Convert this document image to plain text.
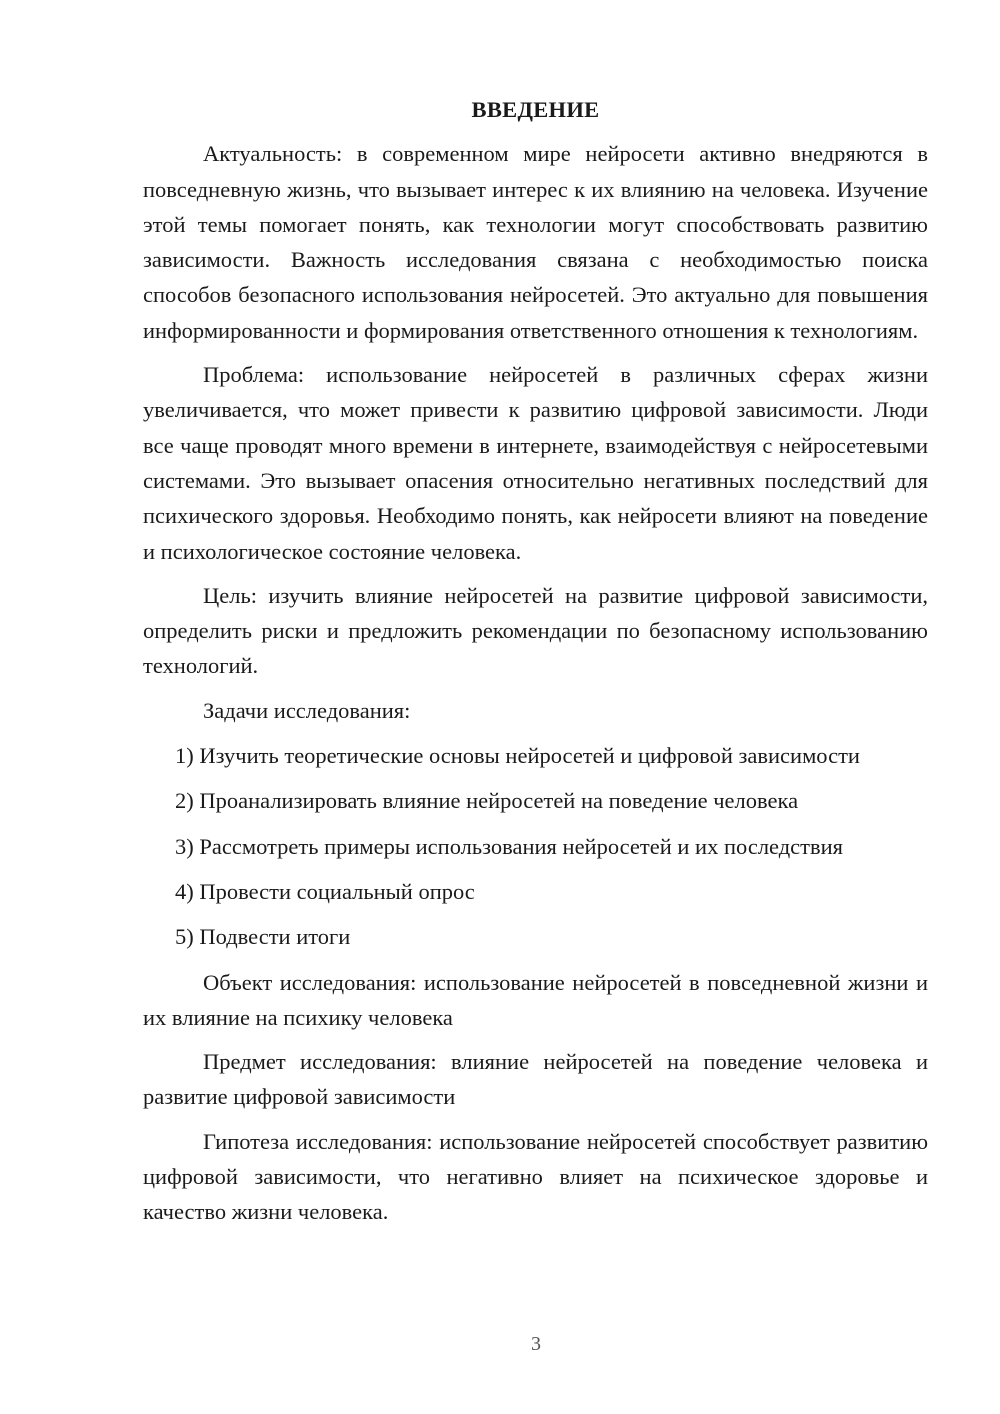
ВВЕДЕНИЕ

Актуальность: в современном мире нейросети активно внедряются в повседневную жизнь, что вызывает интерес к их влиянию на человека. Изучение этой темы помогает понять, как технологии могут способствовать развитию зависимости. Важность исследования связана с необходимостью поиска способов безопасного использования нейросетей. Это актуально для повышения информированности и формирования ответственного отношения к технологиям.

Проблема: использование нейросетей в различных сферах жизни увеличивается, что может привести к развитию цифровой зависимости. Люди все чаще проводят много времени в интернете, взаимодействуя с нейросетевыми системами. Это вызывает опасения относительно негативных последствий для психического здоровья. Необходимо понять, как нейросети влияют на поведение и психологическое состояние человека.

Цель: изучить влияние нейросетей на развитие цифровой зависимости, определить риски и предложить рекомендации по безопасному использованию технологий.

Задачи исследования:
1) Изучить теоретические основы нейросетей и цифровой зависимости
2) Проанализировать влияние нейросетей на поведение человека
3) Рассмотреть примеры использования нейросетей и их последствия
4) Провести социальный опрос
5) Подвести итоги

Объект исследования: использование нейросетей в повседневной жизни и их влияние на психику человека

Предмет исследования: влияние нейросетей на поведение человека и развитие цифровой зависимости

Гипотеза исследования: использование нейросетей способствует развитию цифровой зависимости, что негативно влияет на психическое здоровье и качество жизни человека.

3
